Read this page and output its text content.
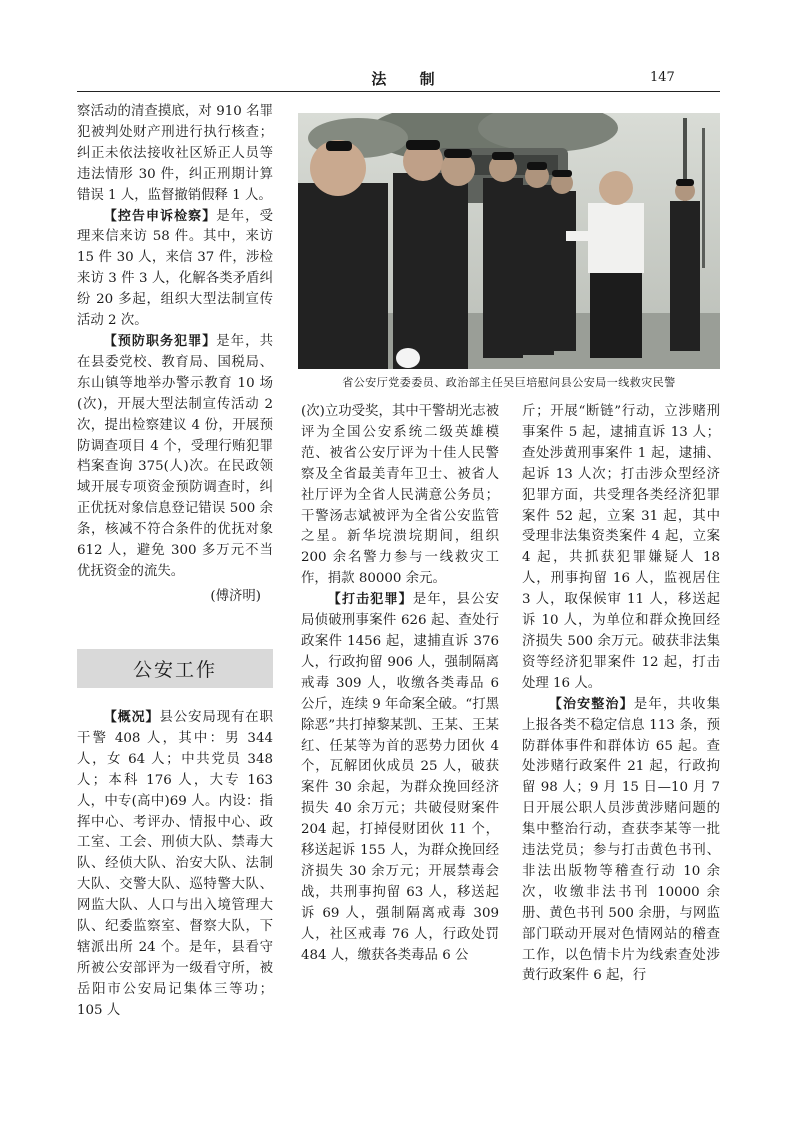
法 制	147

察活动的清查摸底，对 910 名罪犯被判处财产刑进行执行核查；纠正未依法接收社区矫正人员等违法情形 30 件，纠正刑期计算错误 1 人，监督撤销假释 1 人。

【控告申诉检察】是年，受理来信来访 58 件。其中，来访 15 件 30 人，来信 37 件，涉检来访 3 件 3 人，化解各类矛盾纠纷 20 多起，组织大型法制宣传活动 2 次。

【预防职务犯罪】是年，共在县委党校、教育局、国税局、东山镇等地举办警示教育 10 场(次)，开展大型法制宣传活动 2 次，提出检察建议 4 份，开展预防调查项目 4 个，受理行贿犯罪档案查询 375(人)次。在民政领域开展专项资金预防调查时，纠正优抚对象信息登记错误 500 余条，核减不符合条件的优抚对象 612 人，避免 300 多万元不当优抚资金的流失。

(傅济明)
公安工作

【概况】县公安局现有在职干警 408 人，其中：男 344 人，女 64 人；中共党员 348 人；本科 176 人，大专 163 人，中专(高中)69 人。内设：指挥中心、考评办、情报中心、政工室、工会、刑侦大队、禁毒大队、经侦大队、治安大队、法制大队、交警大队、巡特警大队、网监大队、人口与出入境管理大队、纪委监察室、督察大队，下辖派出所 24 个。是年，县看守所被公安部评为一级看守所，被岳阳市公安局记集体三等功；105 人

省公安厅党委委员、政治部主任吴巨培慰问县公安局一线救灾民警

(次)立功受奖，其中干警胡光志被评为全国公安系统二级英雄模范、被省公安厅评为十佳人民警察及全省最美青年卫士、被省人社厅评为全省人民满意公务员；干警汤志斌被评为全省公安监管之星。新华垸溃垸期间，组织 200 余名警力参与一线救灾工作，捐款 80000 余元。

【打击犯罪】是年，县公安局侦破刑事案件 626 起、查处行政案件 1456 起，逮捕直诉 376 人，行政拘留 906 人，强制隔离戒毒 309 人，收缴各类毒品 6 公斤，连续 9 年命案全破。“打黑除恶”共打掉黎某凯、王某、王某红、任某等为首的恶势力团伙 4 个，瓦解团伙成员 25 人，破获案件 30 余起，为群众挽回经济损失 40 余万元；共破侵财案件 204 起，打掉侵财团伙 11 个，移送起诉 155 人，为群众挽回经济损失 30 余万元；开展禁毒会战，共刑事拘留 63 人，移送起诉 69 人，强制隔离戒毒 309 人，社区戒毒 76 人，行政处罚 484 人，缴获各类毒品 6 公

斤；开展“断链”行动，立涉赌刑事案件 5 起，逮捕直诉 13 人；查处涉黄刑事案件 1 起，逮捕、起诉 13 人次；打击涉众型经济犯罪方面，共受理各类经济犯罪案件 52 起，立案 31 起，其中受理非法集资类案件 4 起，立案 4 起，共抓获犯罪嫌疑人 18 人，刑事拘留 16 人，监视居住 3 人，取保候审 11 人，移送起诉 10 人，为单位和群众挽回经济损失 500 余万元。破获非法集资等经济犯罪案件 12 起，打击处理 16 人。

【治安整治】是年，共收集上报各类不稳定信息 113 条，预防群体事件和群体访 65 起。查处涉赌行政案件 21 起，行政拘留 98 人；9 月 15 日—10 月 7 日开展公职人员涉黄涉赌问题的集中整治行动，查获李某等一批违法党员；参与打击黄色书刊、非法出版物等稽查行动 10 余次，收缴非法书刊 10000 余册、黄色书刊 500 余册，与网监部门联动开展对色情网站的稽查工作，以色情卡片为线索查处涉黄行政案件 6 起，行
